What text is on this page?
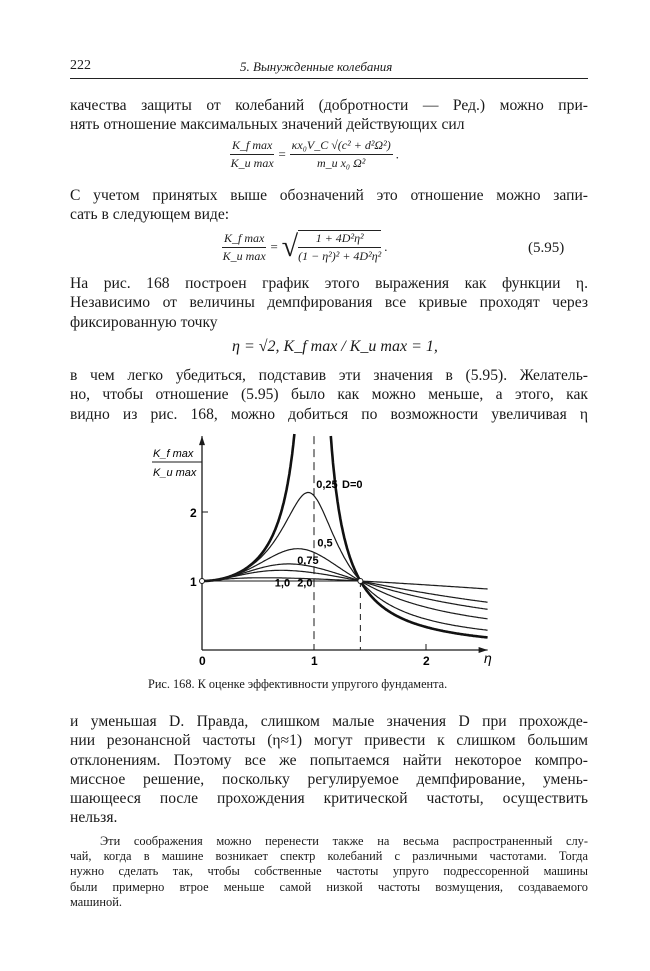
222	5. Вынужденные колебания
качества защиты от колебаний (добротности — Ред.) можно при-
нять отношение максимальных значений действующих сил
$\frac{\text{K\_f max}}{\text{K\_u max}} = \frac{\text{κx₀V\_C √(c² + d²Ω²)}}{\text{m\_u x₀ Ω²}}$ .
С учетом принятых выше обозначений это отношение можно запи-
сать в следующем виде:
$\frac{\text{K\_f max}}{\text{K\_u max}}$ = √ $\frac{\text{1 + 4D²η²}}{\text{(1 − η²)² + 4D²η²}}$ .	(5.95)
На рис. 168 построен график этого выражения как функции η.
Независимо от величины демпфирования все кривые проходят через
фиксированную точку
η = √2, K_f max / K_u max = 1,
в чем легко убедиться, подставив эти значения в (5.95). Желатель-
но, чтобы отношение (5.95) было как можно меньше, а этого, как
видно из рис. 168, можно добиться по возможности увеличивая η
0	1	2
1
2
0,25 D=0
0,5
0,75
1,0 2,0
K_f max
K_u max
η
Рис. 168. К оценке эффективности упругого фундамента.
и уменьшая D. Правда, слишком малые значения D при прохожде-
нии резонансной частоты (η≈1) могут привести к слишком большим
отклонениям. Поэтому все же попытаемся найти некоторое компро-
миссное решение, поскольку регулируемое демпфирование, умень-
шающееся после прохождения критической частоты, осуществить
нельзя.
Эти соображения можно перенести также на весьма распространенный слу-
чай, когда в машине возникает спектр колебаний с различными частотами. Тогда
нужно сделать так, чтобы собственные частоты упруго подрессоренной машины
были примерно втрое меньше самой низкой частоты возмущения, создаваемого
машиной.
